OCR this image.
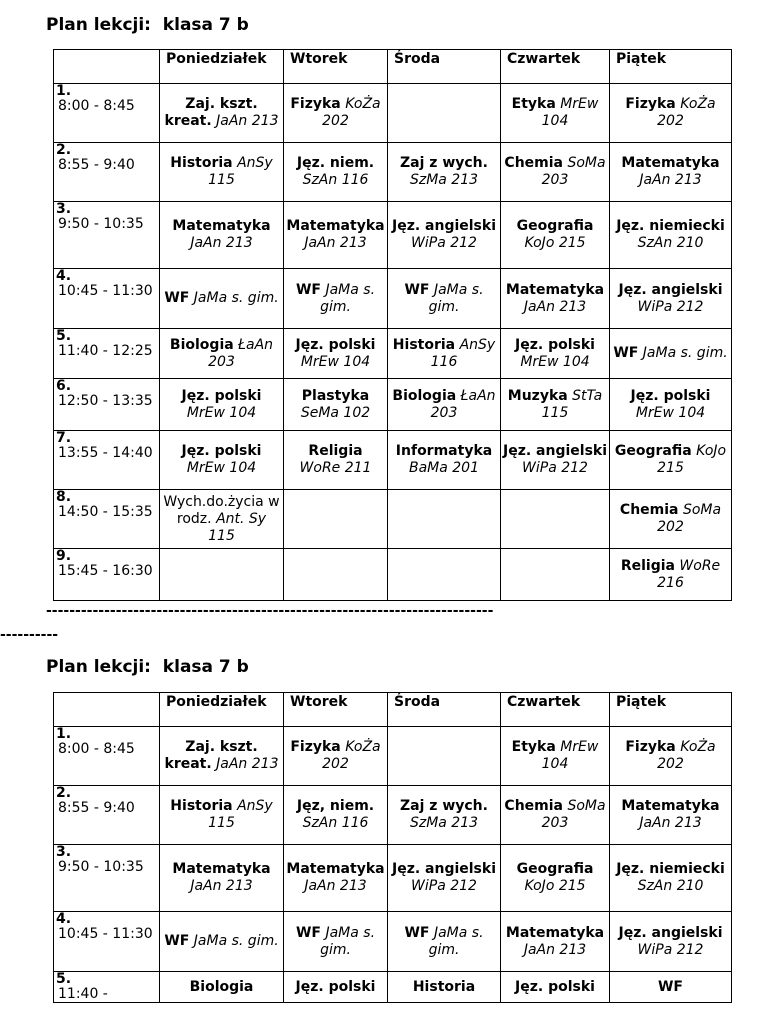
Plan lekcji:  klasa 7 b
	Poniedziałek	Wtorek	Środa	Czwartek	Piątek

1.
8:00 - 8:45	Zaj. kszt. kreat. JaAn 213	Fizyka KoŻa 202		Etyka MrEw 104	Fizyka KoŻa 202

2.
8:55 - 9:40	Historia AnSy 115	Jęz. niem. SzAn 116	Zaj z wych. SzMa 213	Chemia SoMa 203	Matematyka JaAn 213

3.
9:50 - 10:35	Matematyka JaAn 213	Matematyka JaAn 213	Jęz. angielski WiPa 212	Geografia KoJo 215	Jęz. niemiecki SzAn 210

4.
10:45 - 11:30	WF JaMa s. gim.	WF JaMa s. gim.	WF JaMa s. gim.	Matematyka JaAn 213	Jęz. angielski WiPa 212

5.
11:40 - 12:25	Biologia ŁaAn 203	Jęz. polski MrEw 104	Historia AnSy 116	Jęz. polski MrEw 104	WF JaMa s. gim.

6.
12:50 - 13:35	Jęz. polski MrEw 104	Plastyka SeMa 102	Biologia ŁaAn 203	Muzyka StTa 115	Jęz. polski MrEw 104

7.
13:55 - 14:40	Jęz. polski MrEw 104	Religia WoRe 211	Informatyka BaMa 201	Jęz. angielski WiPa 212	Geografia KoJo 215

8.
14:50 - 15:35	Wych.do.życia w rodz. Ant. Sy 115				Chemia SoMa 202

9.
15:45 - 16:30					Religia WoRe 216
-----------------------------------------------------------------------------
----------
Plan lekcji:  klasa 7 b
	Poniedziałek	Wtorek	Środa	Czwartek	Piątek

1.
8:00 - 8:45	Zaj. kszt. kreat. JaAn 213	Fizyka KoŻa 202		Etyka MrEw 104	Fizyka KoŻa 202

2.
8:55 - 9:40	Historia AnSy 115	Jęz, niem. SzAn 116	Zaj z wych. SzMa 213	Chemia SoMa 203	Matematyka JaAn 213

3.
9:50 - 10:35	Matematyka JaAn 213	Matematyka JaAn 213	Jęz. angielski WiPa 212	Geografia KoJo 215	Jęz. niemiecki SzAn 210

4.
10:45 - 11:30	WF JaMa s. gim.	WF JaMa s. gim.	WF JaMa s. gim.	Matematyka JaAn 213	Jęz. angielski WiPa 212

5.
11:40 -	Biologia	Jęz. polski	Historia	Jęz. polski	WF
